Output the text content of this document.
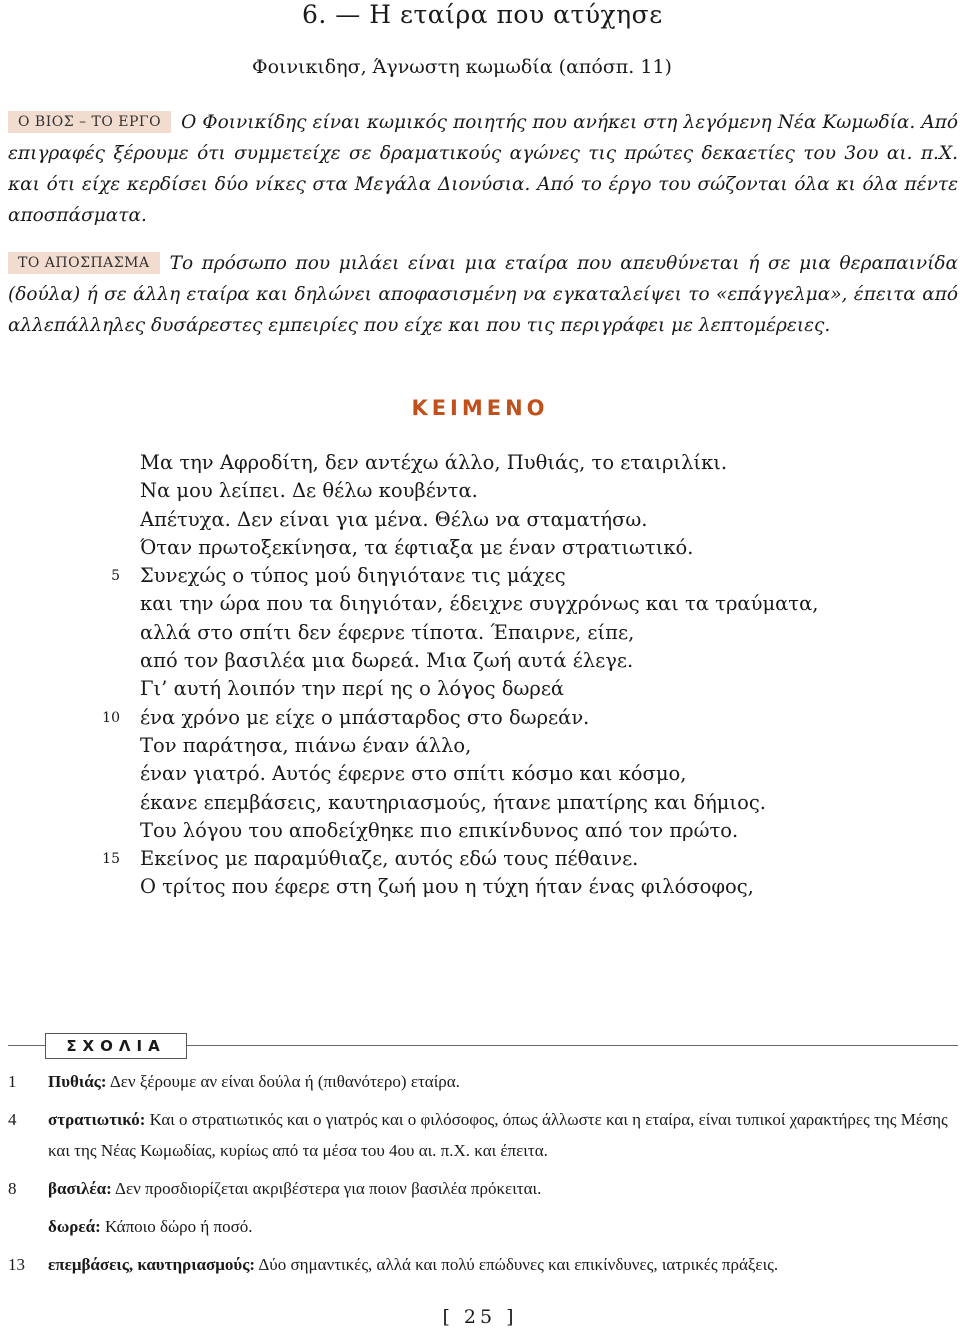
6. — Η εταίρα που ατύχησε
Φοινικιδησ, Άγνωστη κωμωδία (απόσπ. 11)
Ο ΒΙΟΣ – ΤΟ ΕΡΓΟ Ο Φοινικίδης είναι κωμικός ποιητής που ανήκει στη λεγόμενη Νέα Κωμωδία. Από επιγραφές ξέρουμε ότι συμμετείχε σε δραματικούς αγώνες τις πρώτες δεκαετίες του 3ου αι. π.Χ. και ότι είχε κερδίσει δύο νίκες στα Μεγάλα Διονύσια. Από το έργο του σώζονται όλα κι όλα πέντε αποσπάσματα.
ΤΟ ΑΠΟΣΠΑΣΜΑ Το πρόσωπο που μιλάει είναι μια εταίρα που απευθύνεται ή σε μια θεραπαινίδα (δούλα) ή σε άλλη εταίρα και δηλώνει αποφασισμένη να εγκαταλείψει το «επάγγελμα», έπειτα από αλλεπάλληλες δυσάρεστες εμπειρίες που είχε και που τις περιγράφει με λεπτομέρειες.
ΚΕΙΜΕΝΟ
Μα την Αφροδίτη, δεν αντέχω άλλο, Πυθιάς, το εταιριλίκι.
Να μου λείπει. Δε θέλω κουβέντα.
Απέτυχα. Δεν είναι για μένα. Θέλω να σταματήσω.
Όταν πρωτοξεκίνησα, τα έφτιαξα με έναν στρατιωτικό.
5 Συνεχώς ο τύπος μού διηγιότανε τις μάχες
και την ώρα που τα διηγιόταν, έδειχνε συγχρόνως και τα τραύματα,
αλλά στο σπίτι δεν έφερνε τίποτα. Έπαιρνε, είπε,
από τον βασιλέα μια δωρεά. Μια ζωή αυτά έλεγε.
Γι’ αυτή λοιπόν την περί ης ο λόγος δωρεά
10 ένα χρόνο με είχε ο μπάσταρδος στο δωρεάν.
Τον παράτησα, πιάνω έναν άλλο,
έναν γιατρό. Αυτός έφερνε στο σπίτι κόσμο και κόσμο,
έκανε επεμβάσεις, καυτηριασμούς, ήτανε μπατίρης και δήμιος.
Του λόγου του αποδείχθηκε πιο επικίνδυνος από τον πρώτο.
15 Εκείνος με παραμύθιαζε, αυτός εδώ τους πέθαινε.
Ο τρίτος που έφερε στη ζωή μου η τύχη ήταν ένας φιλόσοφος,
ΣΧΟΛΙΑ
1 Πυθιάς: Δεν ξέρουμε αν είναι δούλα ή (πιθανότερο) εταίρα.
4 στρατιωτικό: Και ο στρατιωτικός και ο γιατρός και ο φιλόσοφος, όπως άλλωστε και η εταίρα, είναι τυπικοί χαρακτήρες της Μέσης και της Νέας Κωμωδίας, κυρίως από τα μέσα του 4ου αι. π.Χ. και έπειτα.
8 βασιλέα: Δεν προσδιορίζεται ακριβέστερα για ποιον βασιλέα πρόκειται.
δωρεά: Κάποιο δώρο ή ποσό.
13 επεμβάσεις, καυτηριασμούς: Δύο σημαντικές, αλλά και πολύ επώδυνες και επικίνδυνες, ιατρικές πράξεις.
[ 25 ]
